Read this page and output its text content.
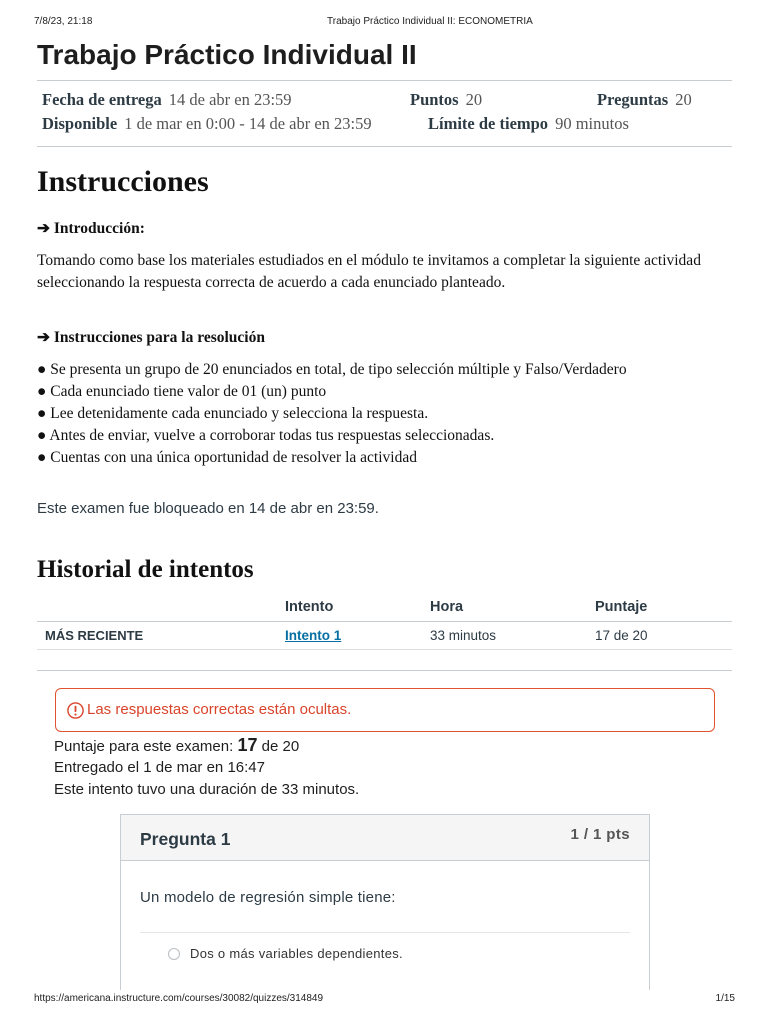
7/8/23, 21:18	Trabajo Práctico Individual II: ECONOMETRIA
Trabajo Práctico Individual II
Fecha de entrega 14 de abr en 23:59	Puntos 20	Preguntas 20
Disponible 1 de mar en 0:00 - 14 de abr en 23:59	Límite de tiempo 90 minutos
Instrucciones
➔ Introducción:

Tomando como base los materiales estudiados en el módulo te invitamos a completar la siguiente actividad seleccionando la respuesta correcta de acuerdo a cada enunciado planteado.

➔ Instrucciones para la resolución
● Se presenta un grupo de 20 enunciados en total, de tipo selección múltiple y Falso/Verdadero
● Cada enunciado tiene valor de 01 (un) punto
● Lee detenidamente cada enunciado y selecciona la respuesta.
● Antes de enviar, vuelve a corroborar todas tus respuestas seleccionadas.
● Cuentas con una única oportunidad de resolver la actividad
Este examen fue bloqueado en 14 de abr en 23:59.
Historial de intentos
	Intento	Hora	Puntaje
MÁS RECIENTE	Intento 1	33 minutos	17 de 20
Las respuestas correctas están ocultas.
Puntaje para este examen: 17 de 20
Entregado el 1 de mar en 16:47
Este intento tuvo una duración de 33 minutos.
Pregunta 1	1 / 1 pts
Un modelo de regresión simple tiene:
Dos o más variables dependientes.
https://americana.instructure.com/courses/30082/quizzes/314849	1/15
